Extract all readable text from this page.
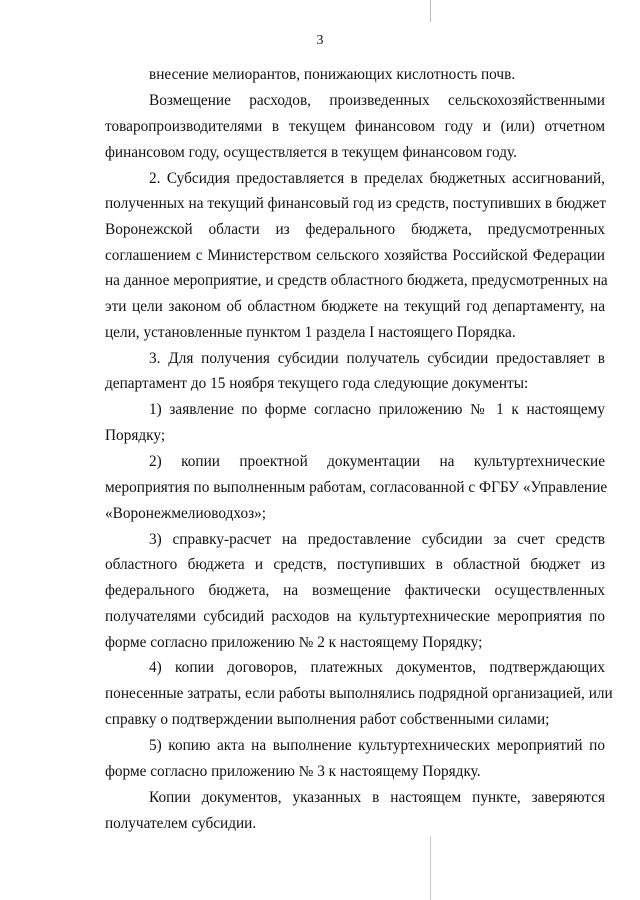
3
внесение мелиорантов, понижающих кислотность почв.
Возмещение расходов, произведенных сельскохозяйственными
товаропроизводителями в текущем финансовом году и (или) отчетном
финансовом году, осуществляется в текущем финансовом году.
2. Субсидия предоставляется в пределах бюджетных ассигнований,
полученных на текущий финансовый год из средств, поступивших в бюджет
Воронежской области из федерального бюджета, предусмотренных
соглашением с Министерством сельского хозяйства Российской Федерации
на данное мероприятие, и средств областного бюджета, предусмотренных на
эти цели законом об областном бюджете на текущий год департаменту, на
цели, установленные пунктом 1 раздела I настоящего Порядка.
3. Для получения субсидии получатель субсидии предоставляет в
департамент до 15 ноября текущего года следующие документы:
1) заявление по форме согласно приложению № 1 к настоящему
Порядку;
2) копии проектной документации на культуртехнические
мероприятия по выполненным работам, согласованной с ФГБУ «Управление
«Воронежмелиоводхоз»;
3) справку-расчет на предоставление субсидии за счет средств
областного бюджета и средств, поступивших в областной бюджет из
федерального бюджета, на возмещение фактически осуществленных
получателями субсидий расходов на культуртехнические мероприятия по
форме согласно приложению № 2 к настоящему Порядку;
4) копии договоров, платежных документов, подтверждающих
понесенные затраты, если работы выполнялись подрядной организацией, или
справку о подтверждении выполнения работ собственными силами;
5) копию акта на выполнение культуртехнических мероприятий по
форме согласно приложению № 3 к настоящему Порядку.
Копии документов, указанных в настоящем пункте, заверяются
получателем субсидии.
